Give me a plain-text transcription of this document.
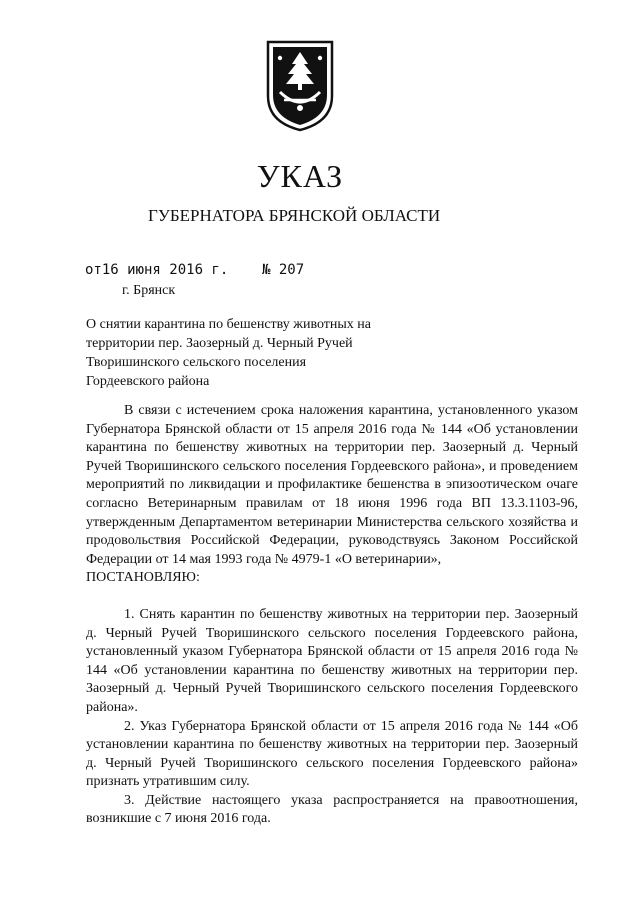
УКАЗ
ГУБЕРНАТОРА БРЯНСКОЙ ОБЛАСТИ
от16 июня 2016 г. № 207
г. Брянск
О снятии карантина по бешенству животных на территории пер. Заозерный д. Черный Ручей Творишинского сельского поселения Гордеевского района

В связи с истечением срока наложения карантина, установленного указом Губернатора Брянской области от 15 апреля 2016 года № 144 «Об установлении карантина по бешенству животных на территории пер. Заозерный д. Черный Ручей Творишинского сельского поселения Гордеевского района», и проведением мероприятий по ликвидации и профилактике бешенства в эпизоотическом очаге согласно Ветеринарным правилам от 18 июня 1996 года ВП 13.3.1103-96, утвержденным Департаментом ветеринарии Министерства сельского хозяйства и продовольствия Российской Федерации, руководствуясь Законом Российской Федерации от 14 мая 1993 года № 4979-1 «О ветеринарии»,

ПОСТАНОВЛЯЮ:

1. Снять карантин по бешенству животных на территории пер. Заозерный д. Черный Ручей Творишинского сельского поселения Гордеевского района, установленный указом Губернатора Брянской области от 15 апреля 2016 года № 144 «Об установлении карантина по бешенству животных на территории пер. Заозерный д. Черный Ручей Творишинского сельского поселения Гордеевского района».

2. Указ Губернатора Брянской области от 15 апреля 2016 года № 144 «Об установлении карантина по бешенству животных на территории пер. Заозерный д. Черный Ручей Творишинского сельского поселения Гордеевского района» признать утратившим силу.

3. Действие настоящего указа распространяется на правоотношения, возникшие с 7 июня 2016 года.
